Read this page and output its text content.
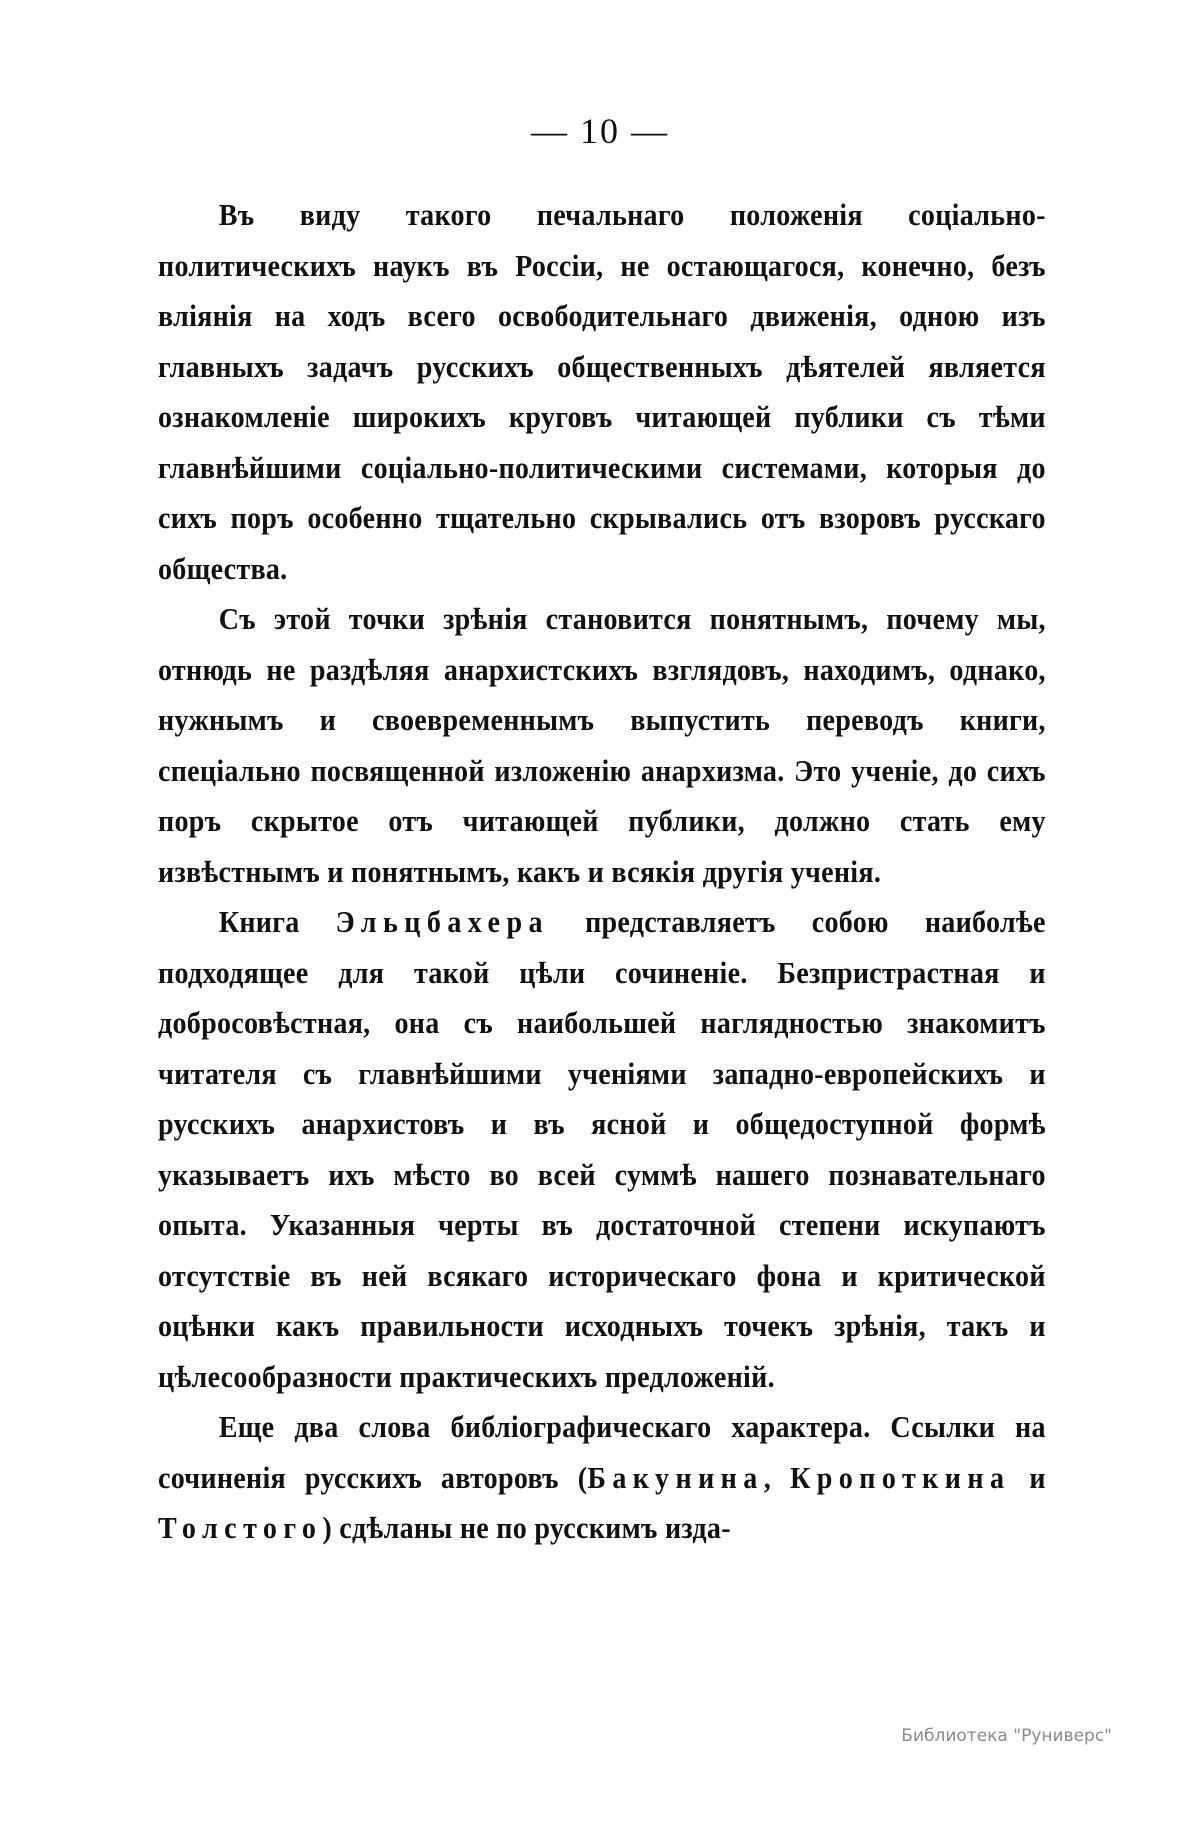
— 10 —

Въ виду такого печальнаго положенія соціально-политическихъ наукъ въ Россіи, не остающагося, конечно, безъ вліянія на ходъ всего освободительнаго движенія, одною изъ главныхъ задачъ русскихъ общественныхъ дѣятелей является ознакомленіе широкихъ круговъ читающей публики съ тѣми главнѣйшими соціально-политическими системами, которыя до сихъ поръ особенно тщательно скрывались отъ взоровъ русскаго общества.

Съ этой точки зрѣнія становится понятнымъ, почему мы, отнюдь не раздѣляя анархистскихъ взглядовъ, находимъ, однако, нужнымъ и своевременнымъ выпустить переводъ книги, спеціально посвященной изложенію анархизма. Это ученіе, до сихъ поръ скрытое отъ читающей публики, должно стать ему извѣстнымъ и понятнымъ, какъ и всякія другія ученія.

Книга Эльцбахера представляетъ собою наиболѣе подходящее для такой цѣли сочиненіе. Безпристрастная и добросовѣстная, она съ наибольшей наглядностью знакомитъ читателя съ главнѣйшими ученіями западно-европейскихъ и русскихъ анархистовъ и въ ясной и общедоступной формѣ указываетъ ихъ мѣсто во всей суммѣ нашего познавательнаго опыта. Указанныя черты въ достаточной степени искупаютъ отсутствіе въ ней всякаго историческаго фона и критической оцѣнки какъ правильности исходныхъ точекъ зрѣнія, такъ и цѣлесообразности практическихъ предложеній.

Еще два слова библіографическаго характера. Ссылки на сочиненія русскихъ авторовъ (Бакунина, Кропоткина и Толстого) сдѣланы не по русскимъ изда-

Библиотека "Руниверс"
